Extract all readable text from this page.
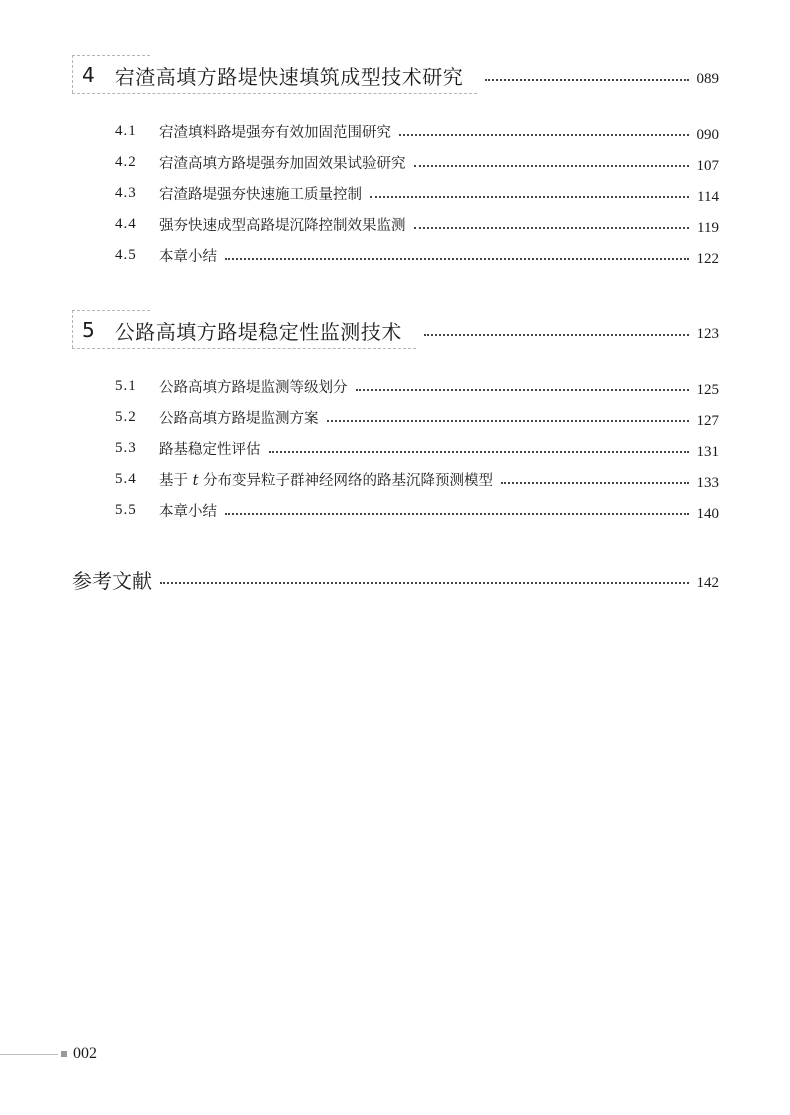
4 宕渣高填方路堤快速填筑成型技术研究	089
4.1	宕渣填料路堤强夯有效加固范围研究	090
4.2	宕渣高填方路堤强夯加固效果试验研究	107
4.3	宕渣路堤强夯快速施工质量控制	114
4.4	强夯快速成型高路堤沉降控制效果监测	119
4.5	本章小结	122
5 公路高填方路堤稳定性监测技术	123
5.1	公路高填方路堤监测等级划分	125
5.2	公路高填方路堤监测方案	127
5.3	路基稳定性评估	131
5.4	基于 t 分布变异粒子群神经网络的路基沉降预测模型	133
5.5	本章小结	140
参考文献	142
002
